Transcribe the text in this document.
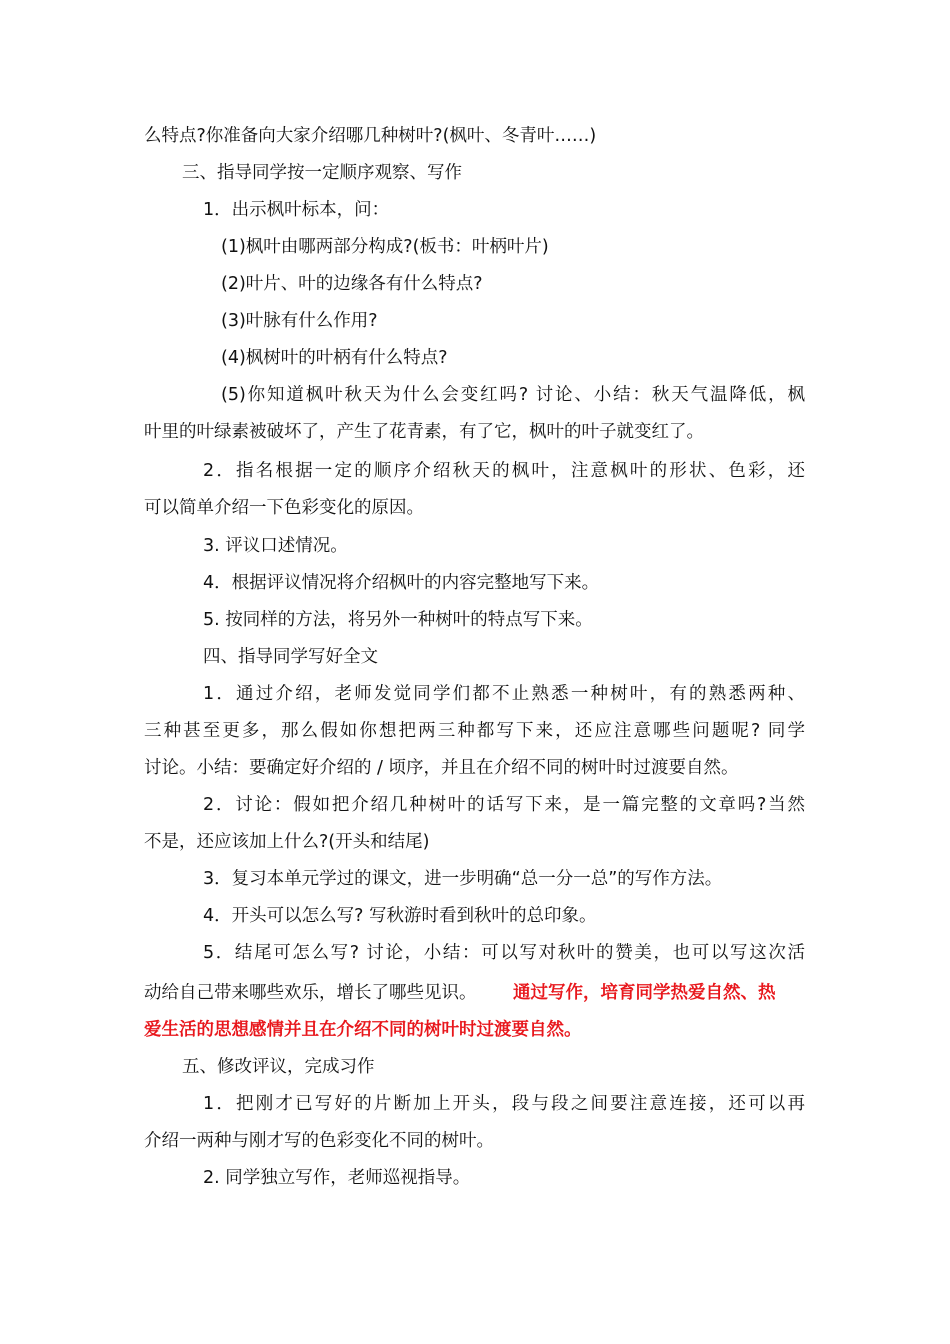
么特点?你准备向大家介绍哪几种树叶?(枫叶、冬青叶……)
三、指导同学按一定顺序观察、写作
1．出示枫叶标本，问：
(1)枫叶由哪两部分构成?(板书：叶柄叶片)
(2)叶片、叶的边缘各有什么特点?
(3)叶脉有什么作用?
(4)枫树叶的叶柄有什么特点?
(5)你知道枫叶秋天为什么会变红吗? 讨论、小结：秋天气温降低，枫
叶里的叶绿素被破坏了，产生了花青素，有了它，枫叶的叶子就变红了。
2．指名根据一定的顺序介绍秋天的枫叶，注意枫叶的形状、色彩，还
可以简单介绍一下色彩变化的原因。
3. 评议口述情况。
4．根据评议情况将介绍枫叶的内容完整地写下来。
5. 按同样的方法，将另外一种树叶的特点写下来。
四、指导同学写好全文
1．通过介绍，老师发觉同学们都不止熟悉一种树叶，有的熟悉两种、
三种甚至更多，那么假如你想把两三种都写下来，还应注意哪些问题呢? 同学
讨论。小结：要确定好介绍的 / 顷序，并且在介绍不同的树叶时过渡要自然。
2．讨论：假如把介绍几种树叶的话写下来，是一篇完整的文章吗?当然
不是，还应该加上什么?(开头和结尾)
3．复习本单元学过的课文，进一步明确“总一分一总”的写作方法。
4．开头可以怎么写? 写秋游时看到秋叶的总印象。
5．结尾可怎么写? 讨论，小结：可以写对秋叶的赞美，也可以写这次活
动给自己带来哪些欢乐，增长了哪些见识。 通过写作，培育同学热爱自然、热
爱生活的思想感情并且在介绍不同的树叶时过渡要自然。
五、修改评议，完成习作
1．把刚才已写好的片断加上开头，段与段之间要注意连接，还可以再
介绍一两种与刚才写的色彩变化不同的树叶。
2. 同学独立写作，老师巡视指导。
